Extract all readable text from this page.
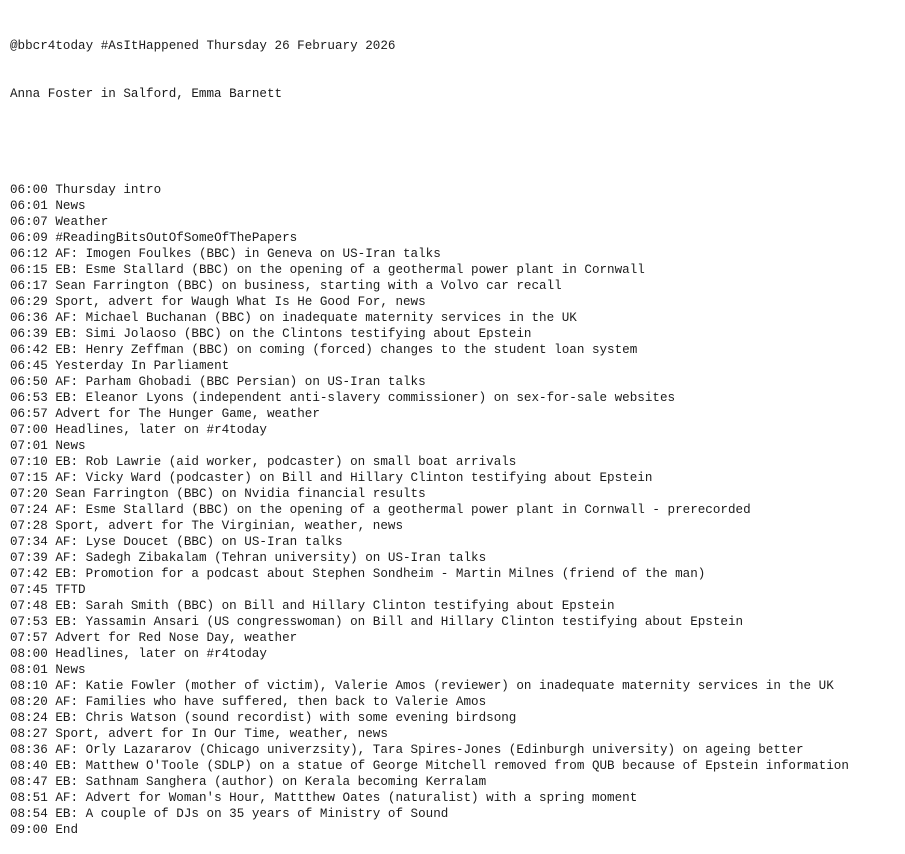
@bbcr4today #AsItHappened Thursday 26 February 2026

Anna Foster in Salford, Emma Barnett

06:00 Thursday intro
06:01 News
06:07 Weather
06:09 #ReadingBitsOutOfSomeOfThePapers
06:12 AF: Imogen Foulkes (BBC) in Geneva on US-Iran talks
06:15 EB: Esme Stallard (BBC) on the opening of a geothermal power plant in Cornwall
06:17 Sean Farrington (BBC) on business, starting with a Volvo car recall
06:29 Sport, advert for Waugh What Is He Good For, news
06:36 AF: Michael Buchanan (BBC) on inadequate maternity services in the UK
06:39 EB: Simi Jolaoso (BBC) on the Clintons testifying about Epstein
06:42 EB: Henry Zeffman (BBC) on coming (forced) changes to the student loan system
06:45 Yesterday In Parliament
06:50 AF: Parham Ghobadi (BBC Persian) on US-Iran talks
06:53 EB: Eleanor Lyons (independent anti-slavery commissioner) on sex-for-sale websites
06:57 Advert for The Hunger Game, weather
07:00 Headlines, later on #r4today
07:01 News
07:10 EB: Rob Lawrie (aid worker, podcaster) on small boat arrivals
07:15 AF: Vicky Ward (podcaster) on Bill and Hillary Clinton testifying about Epstein
07:20 Sean Farrington (BBC) on Nvidia financial results
07:24 AF: Esme Stallard (BBC) on the opening of a geothermal power plant in Cornwall - prerecorded
07:28 Sport, advert for The Virginian, weather, news
07:34 AF: Lyse Doucet (BBC) on US-Iran talks
07:39 AF: Sadegh Zibakalam (Tehran university) on US-Iran talks
07:42 EB: Promotion for a podcast about Stephen Sondheim - Martin Milnes (friend of the man)
07:45 TFTD
07:48 EB: Sarah Smith (BBC) on Bill and Hillary Clinton testifying about Epstein
07:53 EB: Yassamin Ansari (US congresswoman) on Bill and Hillary Clinton testifying about Epstein
07:57 Advert for Red Nose Day, weather
08:00 Headlines, later on #r4today
08:01 News
08:10 AF: Katie Fowler (mother of victim), Valerie Amos (reviewer) on inadequate maternity services in the UK
08:20 AF: Families who have suffered, then back to Valerie Amos
08:24 EB: Chris Watson (sound recordist) with some evening birdsong
08:27 Sport, advert for In Our Time, weather, news
08:36 AF: Orly Lazararov (Chicago univerzsity), Tara Spires-Jones (Edinburgh university) on ageing better
08:40 EB: Matthew O'Toole (SDLP) on a statue of George Mitchell removed from QUB because of Epstein information
08:47 EB: Sathnam Sanghera (author) on Kerala becoming Kerralam
08:51 AF: Advert for Woman's Hour, Mattthew Oates (naturalist) with a spring moment
08:54 EB: A couple of DJs on 35 years of Ministry of Sound
09:00 End
